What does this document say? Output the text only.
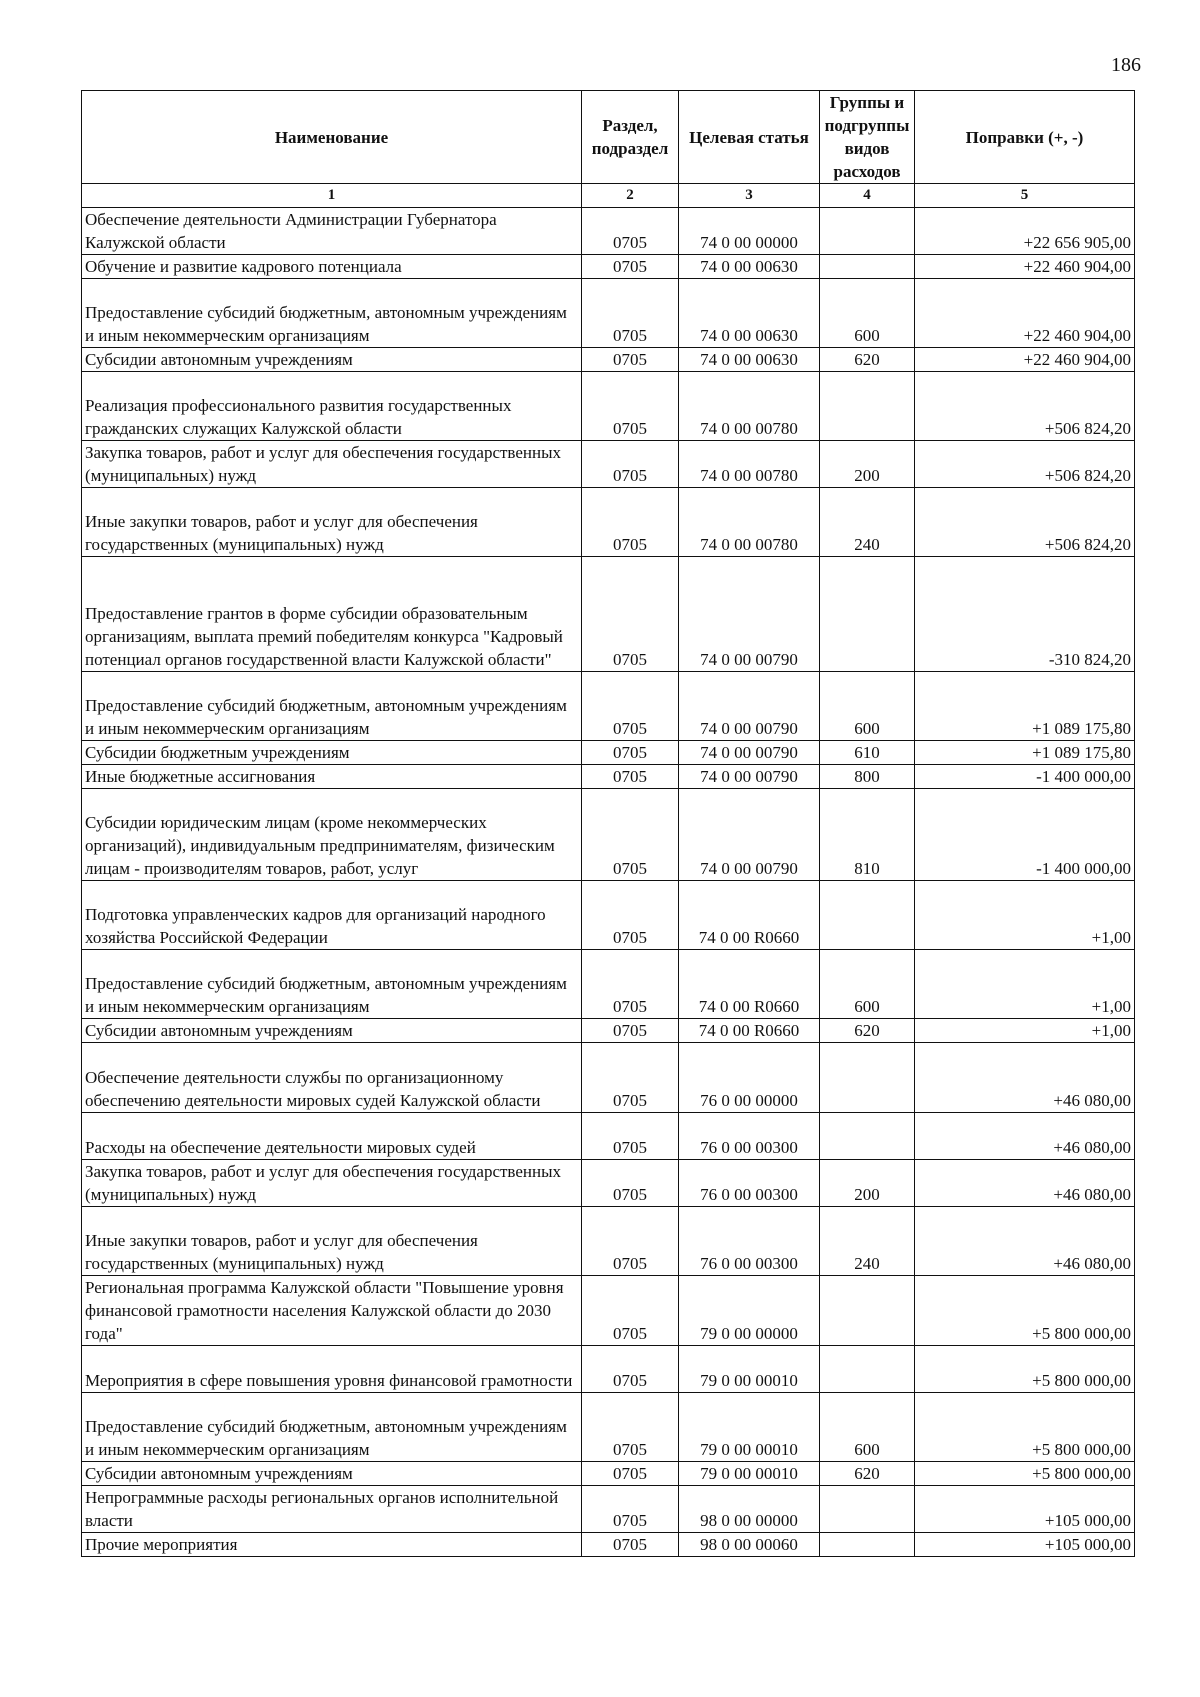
186
Наименование	Раздел, подраздел	Целевая статья	Группы и подгруппы видов расходов	Поправки (+, -)
1	2	3	4	5
Обеспечение деятельности Администрации Губернатора Калужской области	0705	74 0 00 00000		+22 656 905,00
Обучение и развитие кадрового потенциала	0705	74 0 00 00630		+22 460 904,00
Предоставление субсидий бюджетным, автономным учреждениям и иным некоммерческим организациям	0705	74 0 00 00630	600	+22 460 904,00
Субсидии автономным учреждениям	0705	74 0 00 00630	620	+22 460 904,00
Реализация профессионального развития государственных гражданских служащих Калужской области	0705	74 0 00 00780		+506 824,20
Закупка товаров, работ и услуг для обеспечения государственных (муниципальных) нужд	0705	74 0 00 00780	200	+506 824,20
Иные закупки товаров, работ и услуг для обеспечения государственных (муниципальных) нужд	0705	74 0 00 00780	240	+506 824,20
Предоставление грантов в форме субсидии образовательным организациям, выплата премий победителям конкурса "Кадровый потенциал органов государственной власти Калужской области"	0705	74 0 00 00790		-310 824,20
Предоставление субсидий бюджетным, автономным учреждениям и иным некоммерческим организациям	0705	74 0 00 00790	600	+1 089 175,80
Субсидии бюджетным учреждениям	0705	74 0 00 00790	610	+1 089 175,80
Иные бюджетные ассигнования	0705	74 0 00 00790	800	-1 400 000,00
Субсидии юридическим лицам (кроме некоммерческих организаций), индивидуальным предпринимателям, физическим лицам - производителям товаров, работ, услуг	0705	74 0 00 00790	810	-1 400 000,00
Подготовка управленческих кадров для организаций народного хозяйства Российской Федерации	0705	74 0 00 R0660		+1,00
Предоставление субсидий бюджетным, автономным учреждениям и иным некоммерческим организациям	0705	74 0 00 R0660	600	+1,00
Субсидии автономным учреждениям	0705	74 0 00 R0660	620	+1,00
Обеспечение деятельности службы по организационному обеспечению деятельности мировых судей Калужской области	0705	76 0 00 00000		+46 080,00
Расходы на обеспечение деятельности мировых судей	0705	76 0 00 00300		+46 080,00
Закупка товаров, работ и услуг для обеспечения государственных (муниципальных) нужд	0705	76 0 00 00300	200	+46 080,00
Иные закупки товаров, работ и услуг для обеспечения государственных (муниципальных) нужд	0705	76 0 00 00300	240	+46 080,00
Региональная программа Калужской области "Повышение уровня финансовой грамотности населения Калужской области до 2030 года"	0705	79 0 00 00000		+5 800 000,00
Мероприятия в сфере повышения уровня финансовой грамотности	0705	79 0 00 00010		+5 800 000,00
Предоставление субсидий бюджетным, автономным учреждениям и иным некоммерческим организациям	0705	79 0 00 00010	600	+5 800 000,00
Субсидии автономным учреждениям	0705	79 0 00 00010	620	+5 800 000,00
Непрограммные расходы региональных органов исполнительной власти	0705	98 0 00 00000		+105 000,00
Прочие мероприятия	0705	98 0 00 00060		+105 000,00
